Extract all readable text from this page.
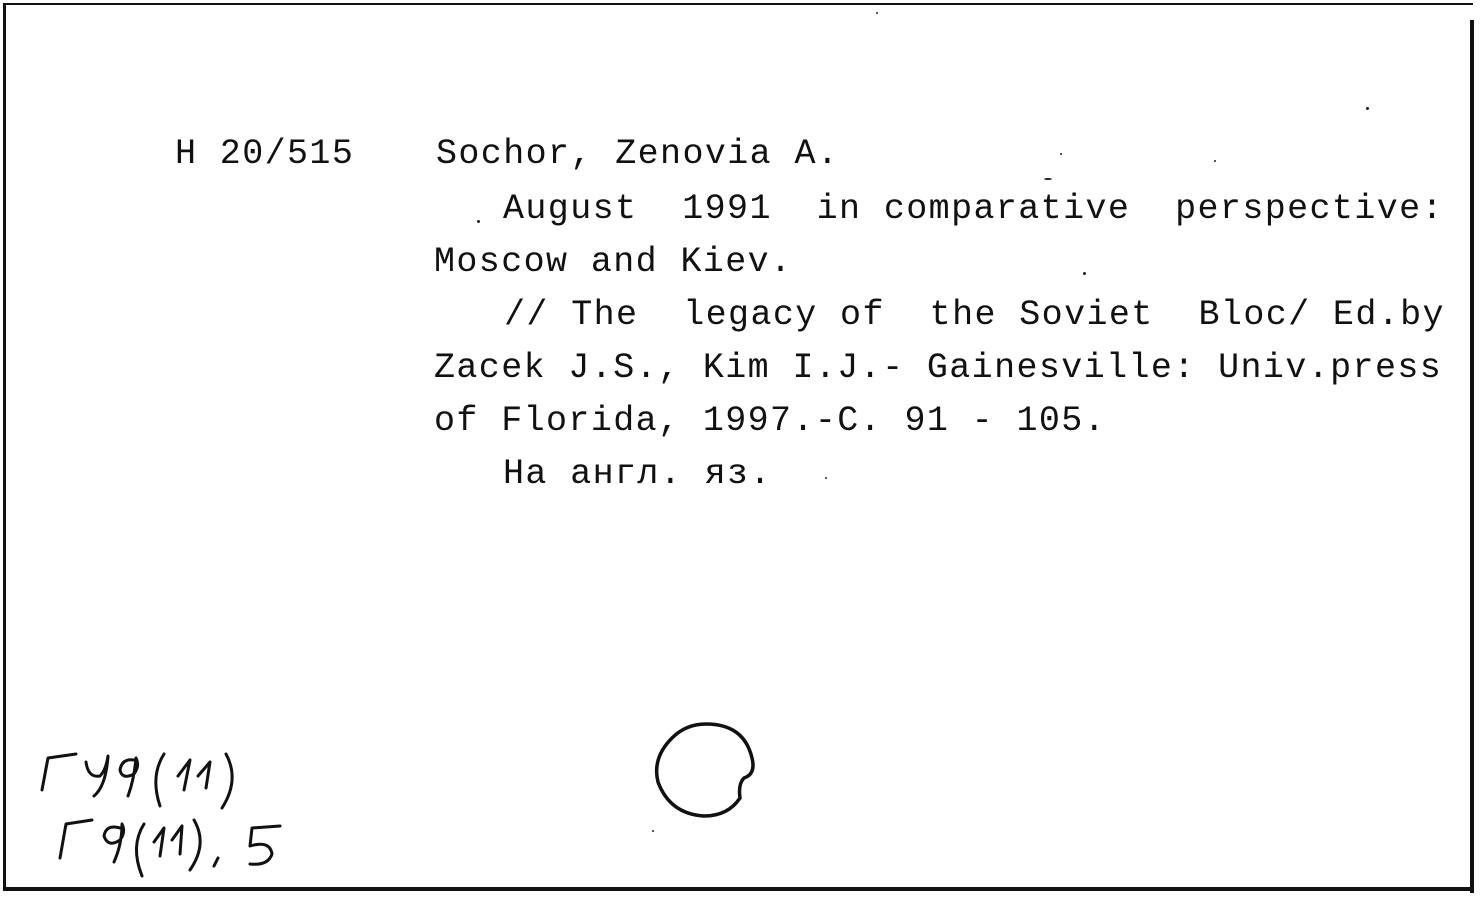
H 20/515 Sochor, Zenovia A.
August  1991  in comparative  perspective:
Moscow and Kiev.
// The  legacy of  the Soviet  Bloc/ Ed.by
Zacek J.S., Kim I.J.- Gainesville: Univ.press
of Florida, 1997.-C. 91 - 105.
На англ. яз.
